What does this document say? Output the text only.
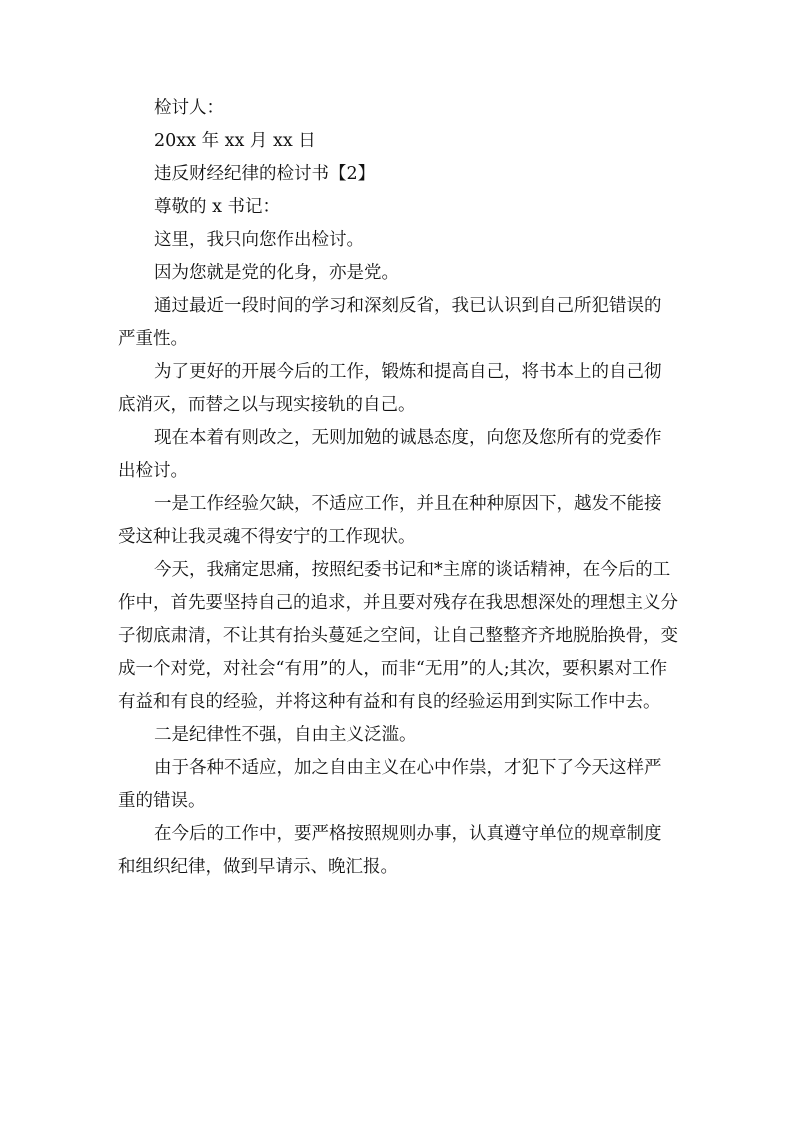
检讨人：

20xx 年 xx 月 xx 日

违反财经纪律的检讨书【2】

尊敬的 x 书记：

这里，我只向您作出检讨。

因为您就是党的化身，亦是党。

通过最近一段时间的学习和深刻反省，我已认识到自己所犯错误的严重性。

为了更好的开展今后的工作，锻炼和提高自己，将书本上的自己彻底消灭，而替之以与现实接轨的自己。

现在本着有则改之，无则加勉的诚恳态度，向您及您所有的党委作出检讨。

一是工作经验欠缺，不适应工作，并且在种种原因下，越发不能接受这种让我灵魂不得安宁的工作现状。

今天，我痛定思痛，按照纪委书记和*主席的谈话精神，在今后的工作中，首先要坚持自己的追求，并且要对残存在我思想深处的理想主义分子彻底肃清，不让其有抬头蔓延之空间，让自己整整齐齐地脱胎换骨，变成一个对党，对社会“有用”的人，而非“无用”的人;其次，要积累对工作有益和有良的经验，并将这种有益和有良的经验运用到实际工作中去。

二是纪律性不强，自由主义泛滥。

由于各种不适应，加之自由主义在心中作祟，才犯下了今天这样严重的错误。

在今后的工作中，要严格按照规则办事，认真遵守单位的规章制度和组织纪律，做到早请示、晚汇报。
